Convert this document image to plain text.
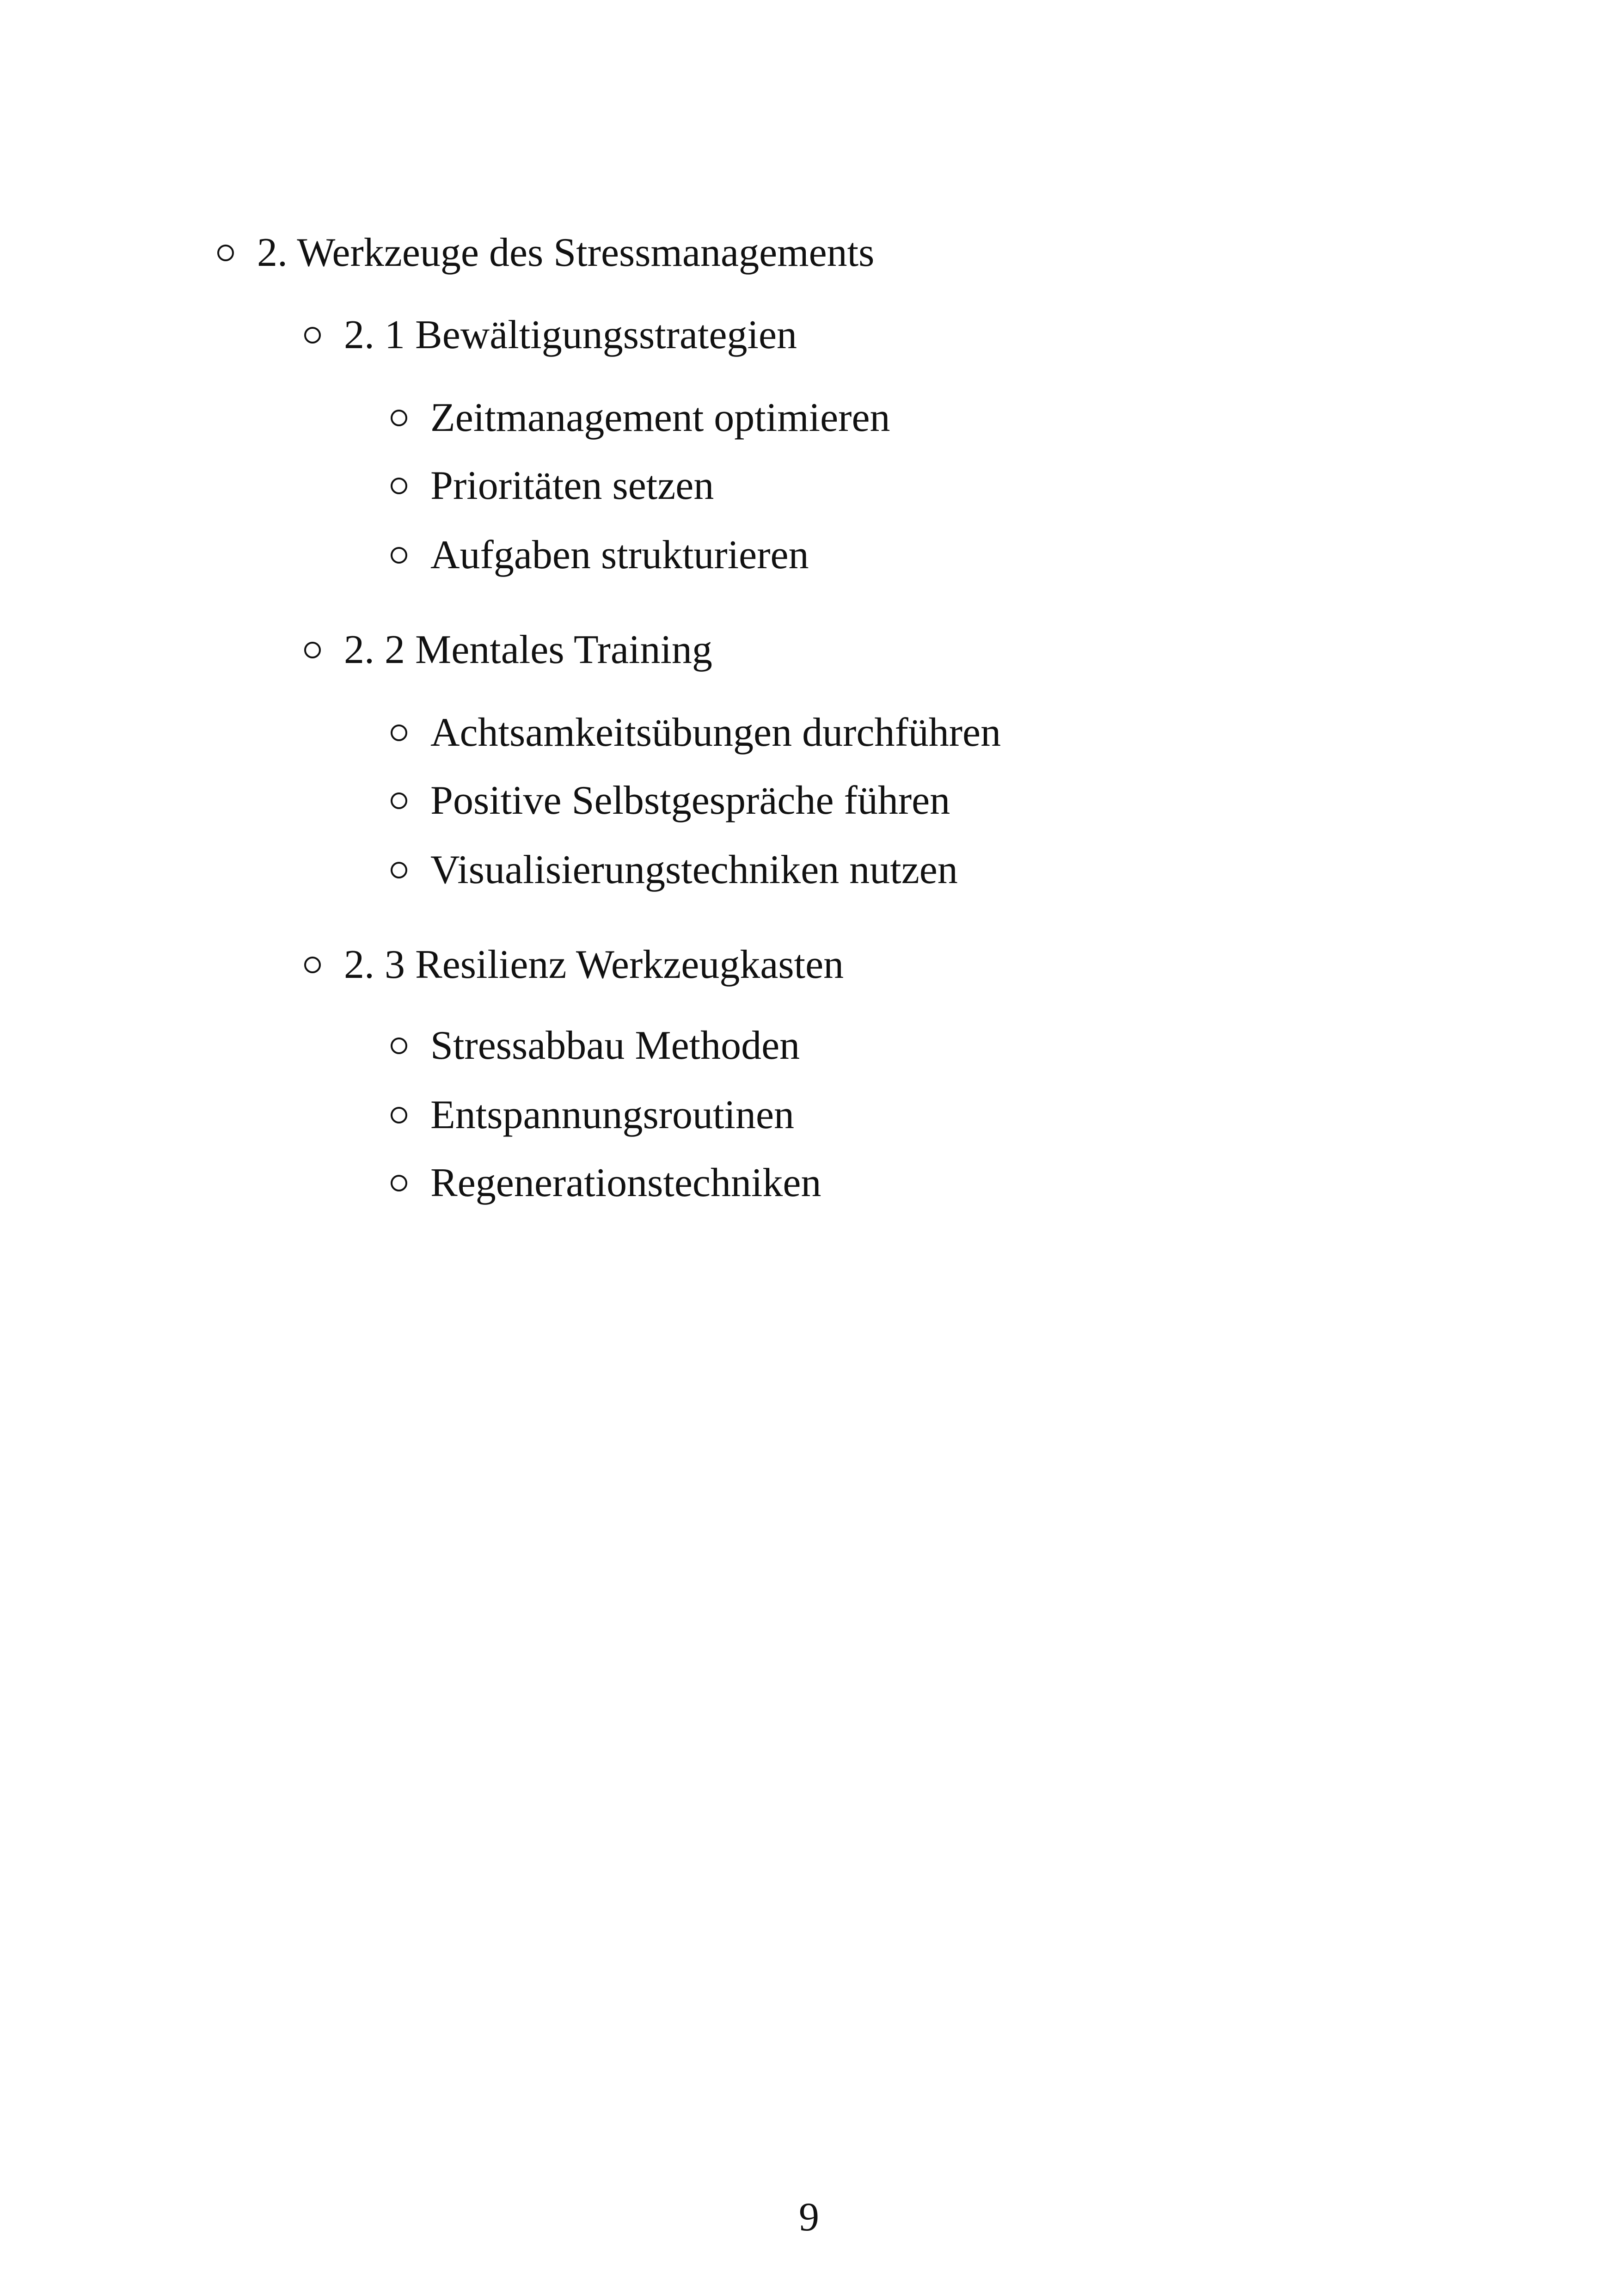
2. Werkzeuge des Stressmanagements
2. 1 Bewältigungsstrategien
Zeitmanagement optimieren
Prioritäten setzen
Aufgaben strukturieren
2. 2 Mentales Training
Achtsamkeitsübungen durchführen
Positive Selbstgespräche führen
Visualisierungstechniken nutzen
2. 3 Resilienz Werkzeugkasten
Stressabbau Methoden
Entspannungsroutinen
Regenerationstechniken
9
